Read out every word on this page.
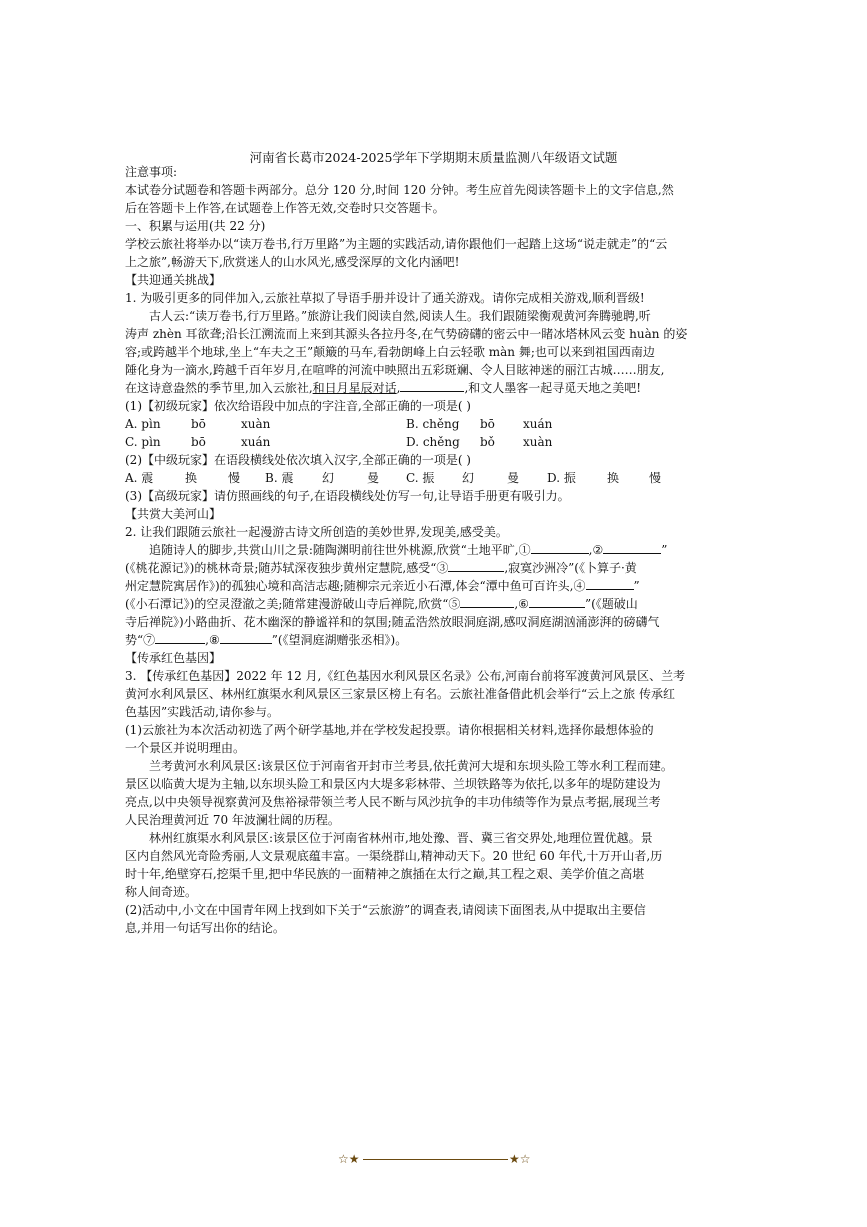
河南省长葛市2024-2025学年下学期期末质量监测八年级语文试题
注意事项:
本试卷分试题卷和答题卡两部分。总分 120 分,时间 120 分钟。考生应首先阅读答题卡上的文字信息,然
后在答题卡上作答,在试题卷上作答无效,交卷时只交答题卡。
一、积累与运用(共 22 分)
学校云旅社将举办以“读万卷书,行万里路”为主题的实践活动,请你跟他们一起踏上这场“说走就走”的“云
上之旅”,畅游天下,欣赏迷人的山水风光,感受深厚的文化内涵吧!
【共迎通关挑战】
1. 为吸引更多的同伴加入,云旅社草拟了导语手册并设计了通关游戏。请你完成相关游戏,顺利晋级!
古人云:“读万卷书,行万里路。”旅游让我们阅读自然,阅读人生。我们跟随梁衡观黄河奔腾驰聘,听
涛声 zhèn 耳欲聋;沿长江溯流而上来到其源头各拉丹冬,在气势磅礴的密云中一睹冰塔林风云变 huàn 的姿
容;或跨越半个地球,坐上“车夫之王”颠簸的马车,看勃朗峰上白云轻歌 màn 舞;也可以来到祖国西南边
陲化身为一滴水,跨越千百年岁月,在喧哗的河流中映照出五彩斑斓、令人目眩神迷的丽江古城……朋友,
在这诗意盎然的季节里,加入云旅社,和日月星辰对话,	,和文人墨客一起寻觅天地之美吧!
(1)【初级玩家】依次给语段中加点的字注音,全部正确的一项是( )
A. pìn	bō	xuàn	B. chěng bō xuán
C. pìn	bō	xuán	D. chěng bǒ xuàn
(2)【中级玩家】在语段横线处依次填入汉字,全部正确的一项是( )
A. 震	换	慢 B. 震 幻	曼 C. 振 幻	曼 D. 振	换 慢
(3)【高级玩家】请仿照画线的句子,在语段横线处仿写一句,让导语手册更有吸引力。
【共赏大美河山】
2. 让我们跟随云旅社一起漫游古诗文所创造的美妙世界,发现美,感受美。
追随诗人的脚步,共赏山川之景:随陶渊明前往世外桃源,欣赏“土地平旷,①	,②	”
(《桃花源记》)的桃林奇景;随苏轼深夜独步黄州定慧院,感受“③	,寂寞沙洲冷”(《卜算子·黄
州定慧院寓居作》)的孤独心境和高洁志趣;随柳宗元亲近小石潭,体会“潭中鱼可百许头,④	”
(《小石潭记》)的空灵澄澈之美;随常建漫游破山寺后禅院,欣赏“⑤	,⑥	”(《题破山
寺后禅院》)小路曲折、花木幽深的静谧祥和的氛围;随孟浩然放眼洞庭湖,感叹洞庭湖汹涌澎湃的磅礴气
势“⑦	,⑧	”(《望洞庭湖赠张丞相》)。
【传承红色基因】
3. 【传承红色基因】2022 年 12 月,《红色基因水利风景区名录》公布,河南台前将军渡黄河风景区、兰考
黄河水利风景区、林州红旗渠水利风景区三家景区榜上有名。云旅社准备借此机会举行“云上之旅 传承红
色基因”实践活动,请你参与。
(1)云旅社为本次活动初选了两个研学基地,并在学校发起投票。请你根据相关材料,选择你最想体验的
一个景区并说明理由。
兰考黄河水利风景区:该景区位于河南省开封市兰考县,依托黄河大堤和东坝头险工等水利工程而建。
景区以临黄大堤为主轴,以东坝头险工和景区内大堤多彩林带、兰坝铁路等为依托,以多年的堤防建设为
亮点,以中央领导视察黄河及焦裕禄带领兰考人民不断与风沙抗争的丰功伟绩等作为景点考据,展现兰考
人民治理黄河近 70 年波澜壮阔的历程。
林州红旗渠水利风景区:该景区位于河南省林州市,地处豫、晋、冀三省交界处,地理位置优越。景
区内自然风光奇险秀丽,人文景观底蕴丰富。一渠绕群山,精神动天下。20 世纪 60 年代,十万开山者,历
时十年,绝壁穿石,挖渠千里,把中华民族的一面精神之旗插在太行之巅,其工程之艰、美学价值之高堪
称人间奇迹。
(2)活动中,小文在中国青年网上找到如下关于“云旅游”的调查表,请阅读下面图表,从中提取出主要信
息,并用一句话写出你的结论。
☆★	★☆
